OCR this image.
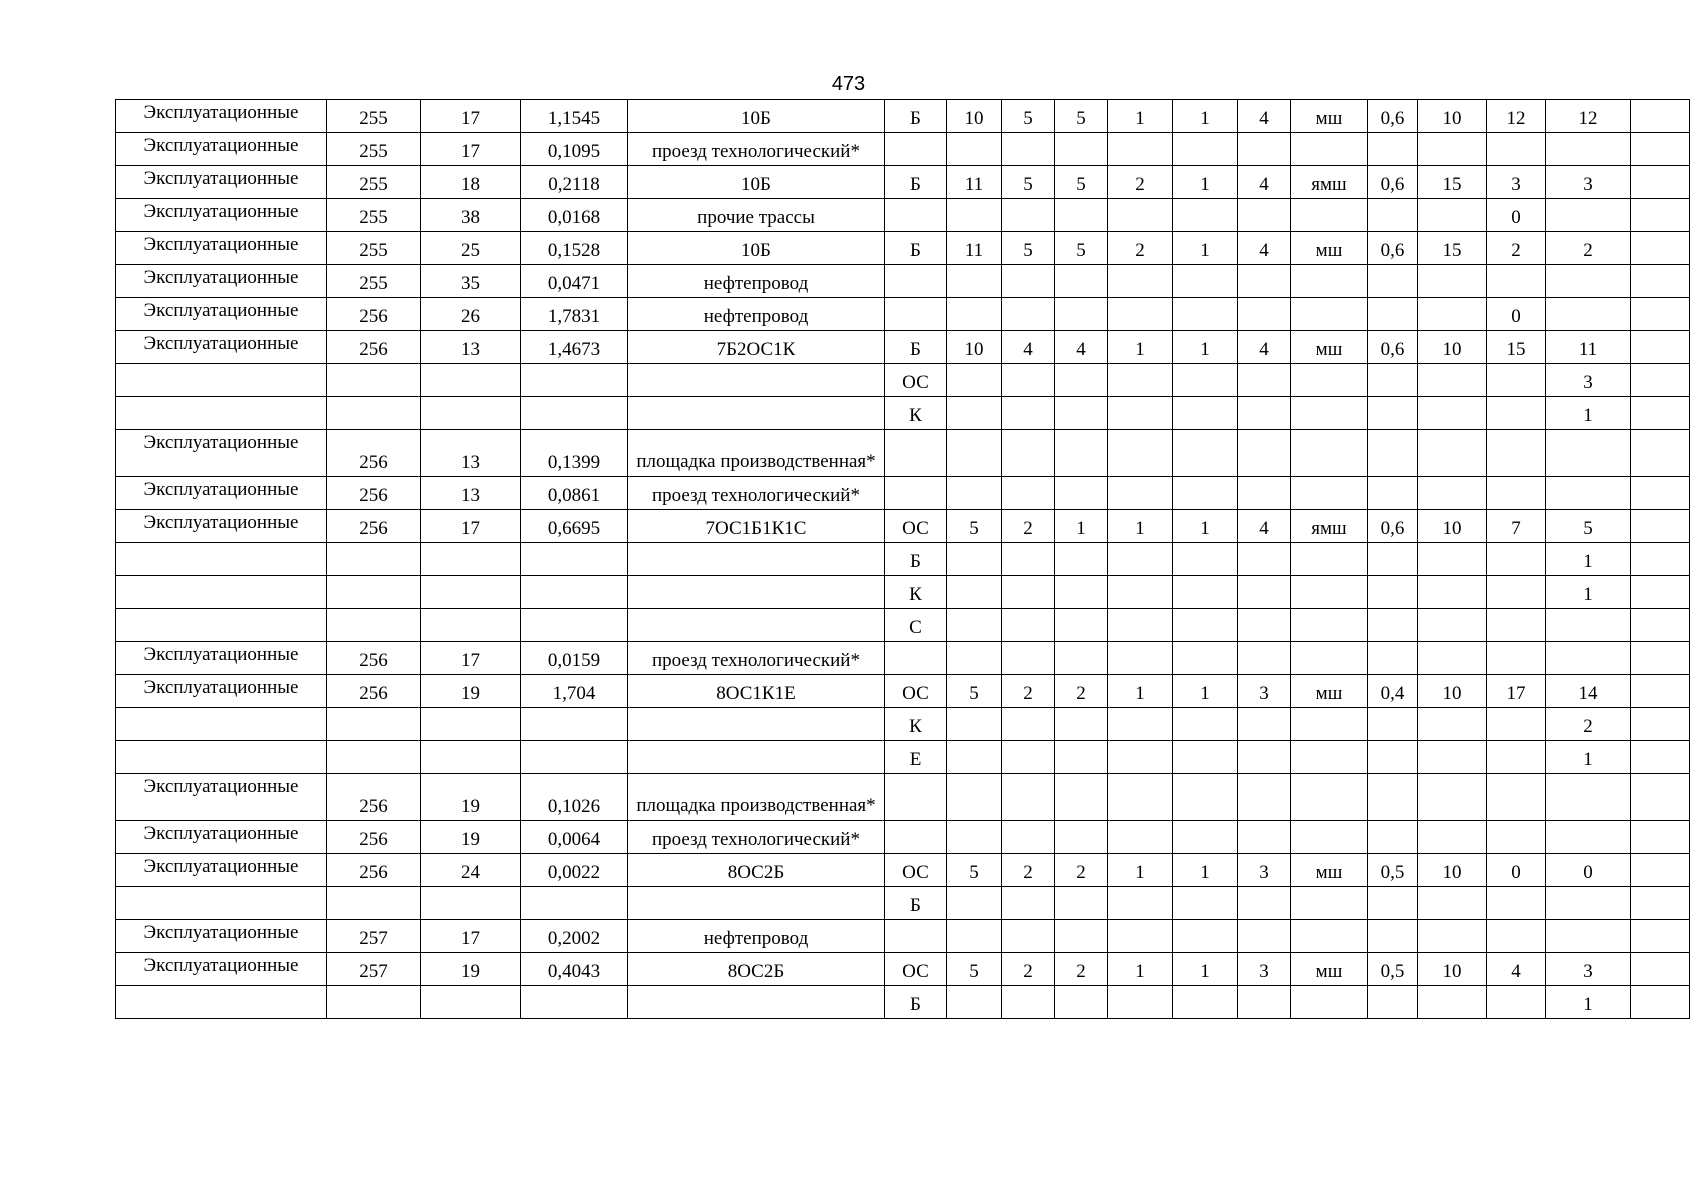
473
Эксплуатационные	255	17	1,1545	10Б	Б	10	5	5	1	1	4	мш	0,6	10	12	12	
Эксплуатационные	255	17	0,1095	проезд технологический*													
Эксплуатационные	255	18	0,2118	10Б	Б	11	5	5	2	1	4	ямш	0,6	15	3	3	
Эксплуатационные	255	38	0,0168	прочие трассы											0		
Эксплуатационные	255	25	0,1528	10Б	Б	11	5	5	2	1	4	мш	0,6	15	2	2	
Эксплуатационные	255	35	0,0471	нефтепровод													
Эксплуатационные	256	26	1,7831	нефтепровод											0		
Эксплуатационные	256	13	1,4673	7Б2ОС1К	Б	10	4	4	1	1	4	мш	0,6	10	15	11	
					ОС											3	
					К											1	
Эксплуатационные	256	13	0,1399	площадка производственная*													
Эксплуатационные	256	13	0,0861	проезд технологический*													
Эксплуатационные	256	17	0,6695	7ОС1Б1К1С	ОС	5	2	1	1	1	4	ямш	0,6	10	7	5	
					Б											1	
					К											1	
					С												
Эксплуатационные	256	17	0,0159	проезд технологический*													
Эксплуатационные	256	19	1,704	8ОС1К1Е	ОС	5	2	2	1	1	3	мш	0,4	10	17	14	
					К											2	
					Е											1	
Эксплуатационные	256	19	0,1026	площадка производственная*													
Эксплуатационные	256	19	0,0064	проезд технологический*													
Эксплуатационные	256	24	0,0022	8ОС2Б	ОС	5	2	2	1	1	3	мш	0,5	10	0	0	
					Б												
Эксплуатационные	257	17	0,2002	нефтепровод													
Эксплуатационные	257	19	0,4043	8ОС2Б	ОС	5	2	2	1	1	3	мш	0,5	10	4	3	
					Б											1	
